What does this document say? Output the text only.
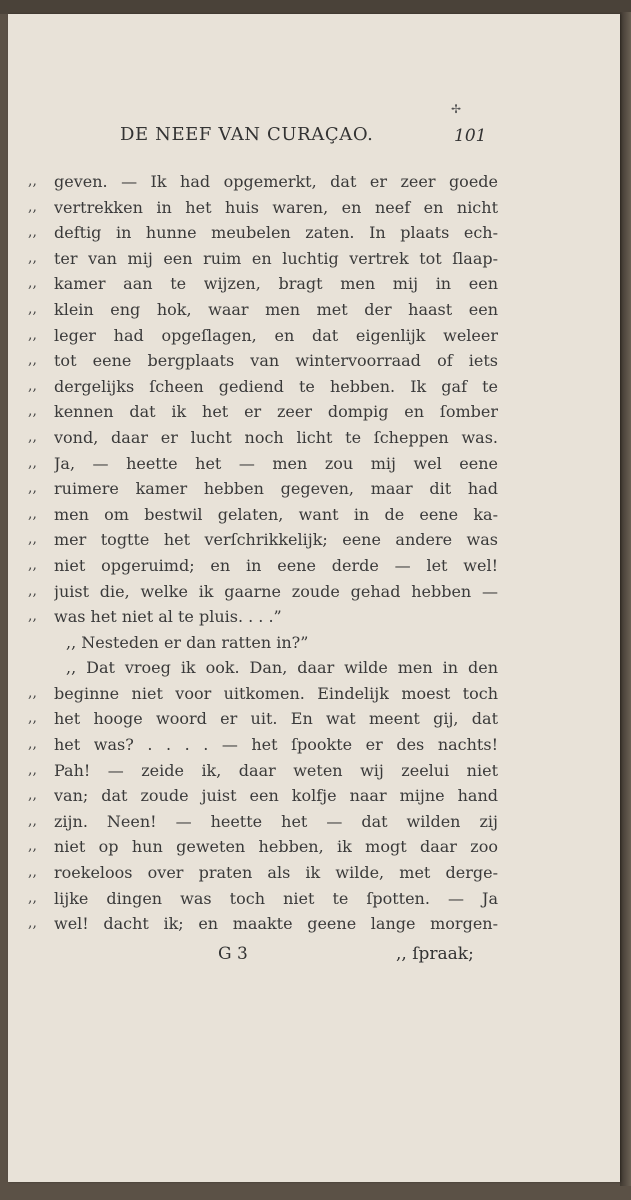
✢
DE NEEF VAN CURAÇAO.	101
,,	geven. — Ik had opgemerkt, dat er zeer goede
,,	vertrekken in het huis waren, en neef en nicht
,,	deftig in hunne meubelen zaten. In plaats ech-
,,	ter van mij een ruim en luchtig vertrek tot ſlaap-
,,	kamer aan te wijzen, bragt men mij in een
,,	klein eng hok, waar men met der haast een
,,	leger had opgeſlagen, en dat eigenlijk weleer
,,	tot eene bergplaats van wintervoorraad of iets
,,	dergelijks ſcheen gediend te hebben. Ik gaf te
,,	kennen dat ik het er zeer dompig en ſomber
,,	vond, daar er lucht noch licht te ſcheppen was.
,,	Ja, — heette het — men zou mij wel eene
,,	ruimere kamer hebben gegeven, maar dit had
,,	men om bestwil gelaten, want in de eene ka-
,,	mer togtte het verſchrikkelijk; eene andere was
,,	niet opgeruimd; en in eene derde — let wel!
,,	juist die, welke ik gaarne zoude gehad hebben —
,,	was het niet al te pluis. . . .”
,, Nesteden er dan ratten in?”
,, Dat vroeg ik ook. Dan, daar wilde men in den
,,	beginne niet voor uitkomen. Eindelijk moest toch
,,	het hooge woord er uit. En wat meent gij, dat
,,	het was? . . . . — het ſpookte er des nachts!
,,	Pah! — zeide ik, daar weten wij zeelui niet
,,	van; dat zoude juist een kolfje naar mijne hand
,,	zijn. Neen! — heette het — dat wilden zij
,,	niet op hun geweten hebben, ik mogt daar zoo
,,	roekeloos over praten als ik wilde, met derge-
,,	lijke dingen was toch niet te ſpotten. — Ja
,,	wel! dacht ik; en maakte geene lange morgen-
G 3	,, ſpraak;
